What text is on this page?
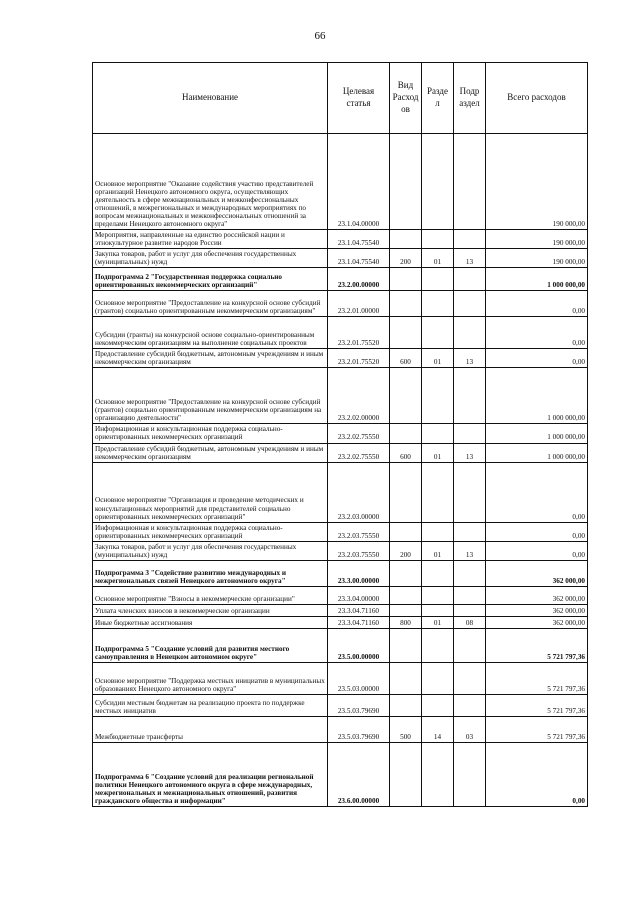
66
Наименование	Целевая статья	Вид Расход ов	Разде л	Подр аздел	Всего расходов
Основное мероприятие "Оказание содействия участию представителей организаций Ненецкого автономного округа, осуществляющих деятельность в сфере межнациональных и межконфессиональных отношений, в межрегиональных и международных мероприятиях по вопросам межнациональных и межконфессиональных отношений за пределами Ненецкого автономного округа"	23.1.04.00000				190 000,00
Мероприятия, направленные на единство российской нации и этнокультурное развитие народов России	23.1.04.75540				190 000,00
Закупка товаров, работ и услуг для обеспечения государственных (муниципальных) нужд	23.1.04.75540	200	01	13	190 000,00
Подпрограмма 2 "Государственная поддержка социально ориентированных некоммерческих организаций"	23.2.00.00000				1 000 000,00
Основное мероприятие "Предоставление на конкурсной основе субсидий (грантов) социально ориентированным некоммерческим организациям"	23.2.01.00000				0,00
Субсидии (гранты) на конкурсной основе социально-ориентированным некоммерческим организациям на выполнение социальных проектов	23.2.01.75520				0,00
Предоставление субсидий бюджетным, автономным учреждениям и иным некоммерческим организациям	23.2.01.75520	600	01	13	0,00
Основное мероприятие "Предоставление на конкурсной основе субсидий (грантов) социально ориентированным некоммерческим организациям на организацию деятельности"	23.2.02.00000				1 000 000,00
Информационная и консультационная поддержка социально-ориентированных некоммерческих организаций	23.2.02.75550				1 000 000,00
Предоставление субсидий бюджетным, автономным учреждениям и иным некоммерческим организациям	23.2.02.75550	600	01	13	1 000 000,00
Основное мероприятие "Организация и проведение методических и консультационных мероприятий для представителей социально ориентированных некоммерческих организаций"	23.2.03.00000				0,00
Информационная и консультационная поддержка социально-ориентированных некоммерческих организаций	23.2.03.75550				0,00
Закупка товаров, работ и услуг для обеспечения государственных (муниципальных) нужд	23.2.03.75550	200	01	13	0,00
Подпрограмма 3 "Содействие развитию международных и межрегиональных связей Ненецкого автономного округа"	23.3.00.00000				362 000,00
Основное мероприятие "Взносы в некоммерческие организации"	23.3.04.00000				362 000,00
Уплата членских взносов в некоммерческие организации	23.3.04.71160				362 000,00
Иные бюджетные ассигнования	23.3.04.71160	800	01	08	362 000,00
Подпрограмма 5 "Создание условий для развития местного самоуправления в Ненецком автономном округе"	23.5.00.00000				5 721 797,36
Основное мероприятие "Поддержка местных инициатив в муниципальных образованиях Ненецкого автономного округа"	23.5.03.00000				5 721 797,36
Субсидии местным бюджетам на реализацию проекта по поддержке местных инициатив	23.5.03.79690				5 721 797,36
Межбюджетные трансферты	23.5.03.79690	500	14	03	5 721 797,36
Подпрограмма 6 "Создание условий для реализации региональной политики Ненецкого автономного округа в сфере международных, межрегиональных и межнациональных отношений, развития гражданского общества и информации"	23.6.00.00000				0,00
